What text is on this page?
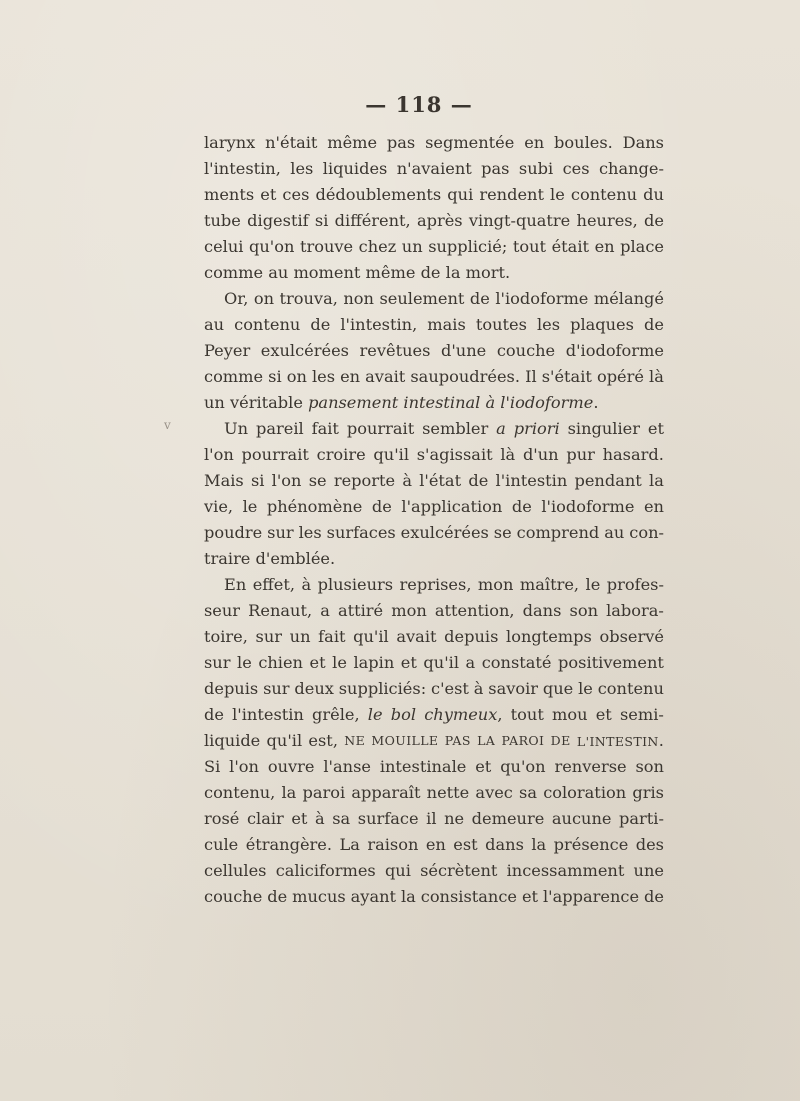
— 118 —
larynx n'était même pas segmentée en boules. Dans
l'intestin, les liquides n'avaient pas subi ces change-
ments et ces dédoublements qui rendent le contenu du
tube digestif si différent, après vingt-quatre heures, de
celui qu'on trouve chez un supplicié; tout était en place
comme au moment même de la mort.
Or, on trouva, non seulement de l'iodoforme mélangé
au contenu de l'intestin, mais toutes les plaques de
Peyer exulcérées revêtues d'une couche d'iodoforme
comme si on les en avait saupoudrées. Il s'était opéré là
un véritable pansement intestinal à l'iodoforme .
Un pareil fait pourrait sembler a priori singulier et
l'on pourrait croire qu'il s'agissait là d'un pur hasard.
Mais si l'on se reporte à l'état de l'intestin pendant la
vie, le phénomène de l'application de l'iodoforme en
poudre sur les surfaces exulcérées se comprend au con-
traire d'emblée.
En effet, à plusieurs reprises, mon maître, le profes-
seur Renaut, a attiré mon attention, dans son labora-
toire, sur un fait qu'il avait depuis longtemps observé
sur le chien et le lapin et qu'il a constaté positivement
depuis sur deux suppliciés: c'est à savoir que le contenu
de l'intestin grêle, le bol chymeux, tout mou et semi-
liquide qu'il est, NE MOUILLE PAS LA PAROI DE L'INTESTIN.
Si l'on ouvre l'anse intestinale et qu'on renverse son
contenu, la paroi apparaît nette avec sa coloration gris
rosé clair et à sa surface il ne demeure aucune parti-
cule étrangère. La raison en est dans la présence des
cellules caliciformes qui sécrètent incessamment une
couche de mucus ayant la consistance et l'apparence de
v
